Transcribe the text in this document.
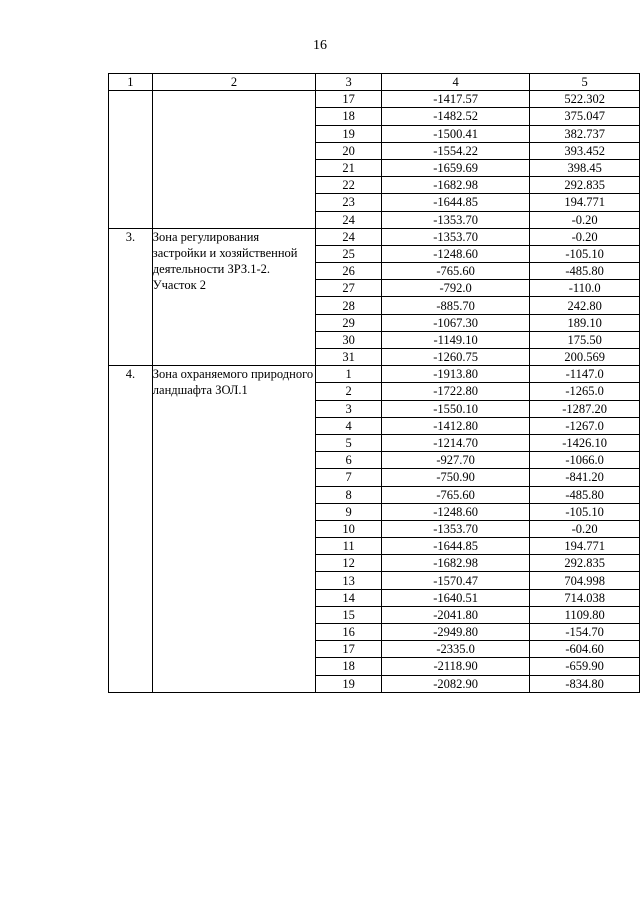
16
1	2	3	4	5
		17	-1417.57	522.302
		18	-1482.52	375.047
		19	-1500.41	382.737
		20	-1554.22	393.452
		21	-1659.69	398.45
		22	-1682.98	292.835
		23	-1644.85	194.771
		24	-1353.70	-0.20
3.	Зона регулирования застройки и хозяйственной деятельности ЗРЗ.1-2. Участок 2	24	-1353.70	-0.20
		25	-1248.60	-105.10
		26	-765.60	-485.80
		27	-792.0	-110.0
		28	-885.70	242.80
		29	-1067.30	189.10
		30	-1149.10	175.50
		31	-1260.75	200.569
4.	Зона охраняемого природного ландшафта ЗОЛ.1	1	-1913.80	-1147.0
		2	-1722.80	-1265.0
		3	-1550.10	-1287.20
		4	-1412.80	-1267.0
		5	-1214.70	-1426.10
		6	-927.70	-1066.0
		7	-750.90	-841.20
		8	-765.60	-485.80
		9	-1248.60	-105.10
		10	-1353.70	-0.20
		11	-1644.85	194.771
		12	-1682.98	292.835
		13	-1570.47	704.998
		14	-1640.51	714.038
		15	-2041.80	1109.80
		16	-2949.80	-154.70
		17	-2335.0	-604.60
		18	-2118.90	-659.90
		19	-2082.90	-834.80
